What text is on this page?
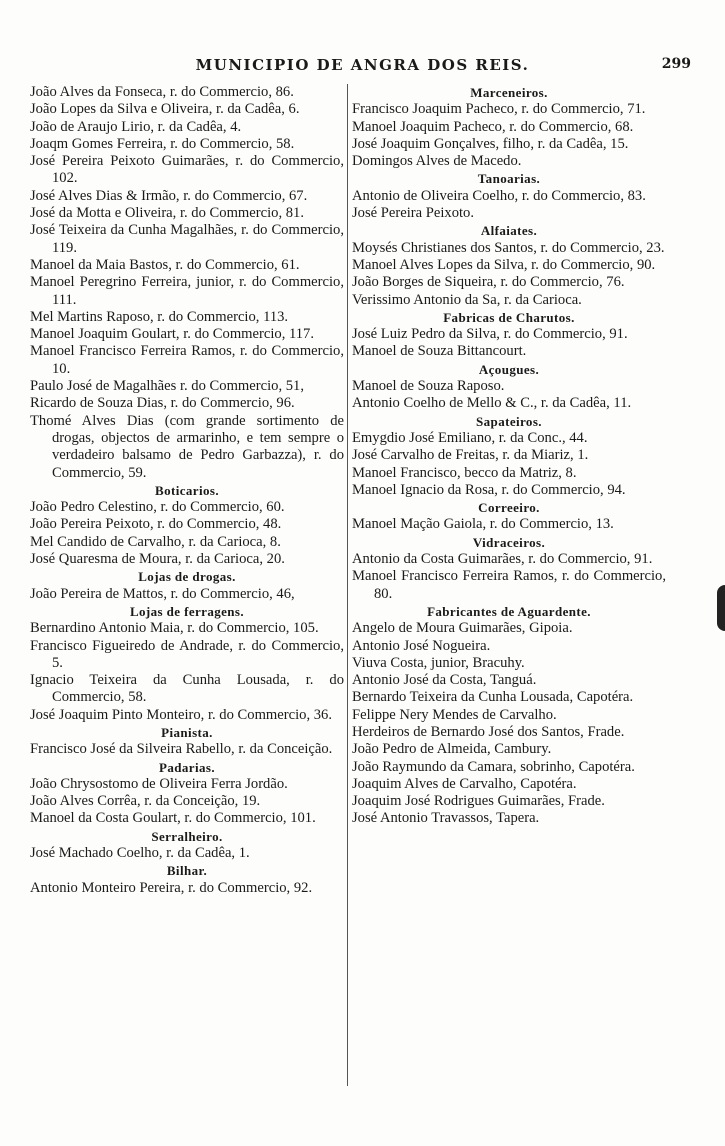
MUNICIPIO DE ANGRA DOS REIS.	299
João Alves da Fonseca, r. do Commercio, 86.
João Lopes da Silva e Oliveira, r. da Cadêa, 6.
João de Araujo Lirio, r. da Cadêa, 4.
Joaqm Gomes Ferreira, r. do Commercio, 58.
José Pereira Peixoto Guimarães, r. do Commercio, 102.
José Alves Dias & Irmão, r. do Commercio, 67.
José da Motta e Oliveira, r. do Commercio, 81.
José Teixeira da Cunha Magalhães, r. do Commercio, 119.
Manoel da Maia Bastos, r. do Commercio, 61.
Manoel Peregrino Ferreira, junior, r. do Commercio, 111.
Mel Martins Raposo, r. do Commercio, 113.
Manoel Joaquim Goulart, r. do Commercio, 117.
Manoel Francisco Ferreira Ramos, r. do Commercio, 10.
Paulo José de Magalhães r. do Commercio, 51,
Ricardo de Souza Dias, r. do Commercio, 96.
Thomé Alves Dias (com grande sortimento de drogas, objectos de armarinho, e tem sempre o verdadeiro balsamo de Pedro Garbazza), r. do Commercio, 59.
Boticarios.
João Pedro Celestino, r. do Commercio, 60.
João Pereira Peixoto, r. do Commercio, 48.
Mel Candido de Carvalho, r. da Carioca, 8.
José Quaresma de Moura, r. da Carioca, 20.
Lojas de drogas.
João Pereira de Mattos, r. do Commercio, 46,
Lojas de ferragens.
Bernardino Antonio Maia, r. do Commercio, 105.
Francisco Figueiredo de Andrade, r. do Commercio, 5.
Ignacio Teixeira da Cunha Lousada, r. do Commercio, 58.
José Joaquim Pinto Monteiro, r. do Commercio, 36.
Pianista.
Francisco José da Silveira Rabello, r. da Conceição.
Padarias.
João Chrysostomo de Oliveira Ferra Jordão.
João Alves Corrêa, r. da Conceição, 19.
Manoel da Costa Goulart, r. do Commercio, 101.
Serralheiro.
José Machado Coelho, r. da Cadêa, 1.
Bilhar.
Antonio Monteiro Pereira, r. do Commercio, 92.
Marceneiros.
Francisco Joaquim Pacheco, r. do Commercio, 71.
Manoel Joaquim Pacheco, r. do Commercio, 68.
José Joaquim Gonçalves, filho, r. da Cadêa, 15.
Domingos Alves de Macedo.
Tanoarias.
Antonio de Oliveira Coelho, r. do Commercio, 83.
José Pereira Peixoto.
Alfaiates.
Moysés Christianes dos Santos, r. do Commercio, 23.
Manoel Alves Lopes da Silva, r. do Commercio, 90.
João Borges de Siqueira, r. do Commercio, 76.
Verissimo Antonio da Sa, r. da Carioca.
Fabricas de Charutos.
José Luiz Pedro da Silva, r. do Commercio, 91.
Manoel de Souza Bittancourt.
Açougues.
Manoel de Souza Raposo.
Antonio Coelho de Mello & C., r. da Cadêa, 11.
Sapateiros.
Emygdio José Emiliano, r. da Conc., 44.
José Carvalho de Freitas, r. da Miariz, 1.
Manoel Francisco, becco da Matriz, 8.
Manoel Ignacio da Rosa, r. do Commercio, 94.
Correeiro.
Manoel Mação Gaiola, r. do Commercio, 13.
Vidraceiros.
Antonio da Costa Guimarães, r. do Commercio, 91.
Manoel Francisco Ferreira Ramos, r. do Commercio, 80.
Fabricantes de Aguardente.
Angelo de Moura Guimarães, Gipoia.
Antonio José Nogueira.
Viuva Costa, junior, Bracuhy.
Antonio José da Costa, Tanguá.
Bernardo Teixeira da Cunha Lousada, Capotéra.
Felippe Nery Mendes de Carvalho.
Herdeiros de Bernardo José dos Santos, Frade.
João Pedro de Almeida, Cambury.
João Raymundo da Camara, sobrinho, Capotéra.
Joaquim Alves de Carvalho, Capotéra.
Joaquim José Rodrigues Guimarães, Frade.
José Antonio Travassos, Tapera.
